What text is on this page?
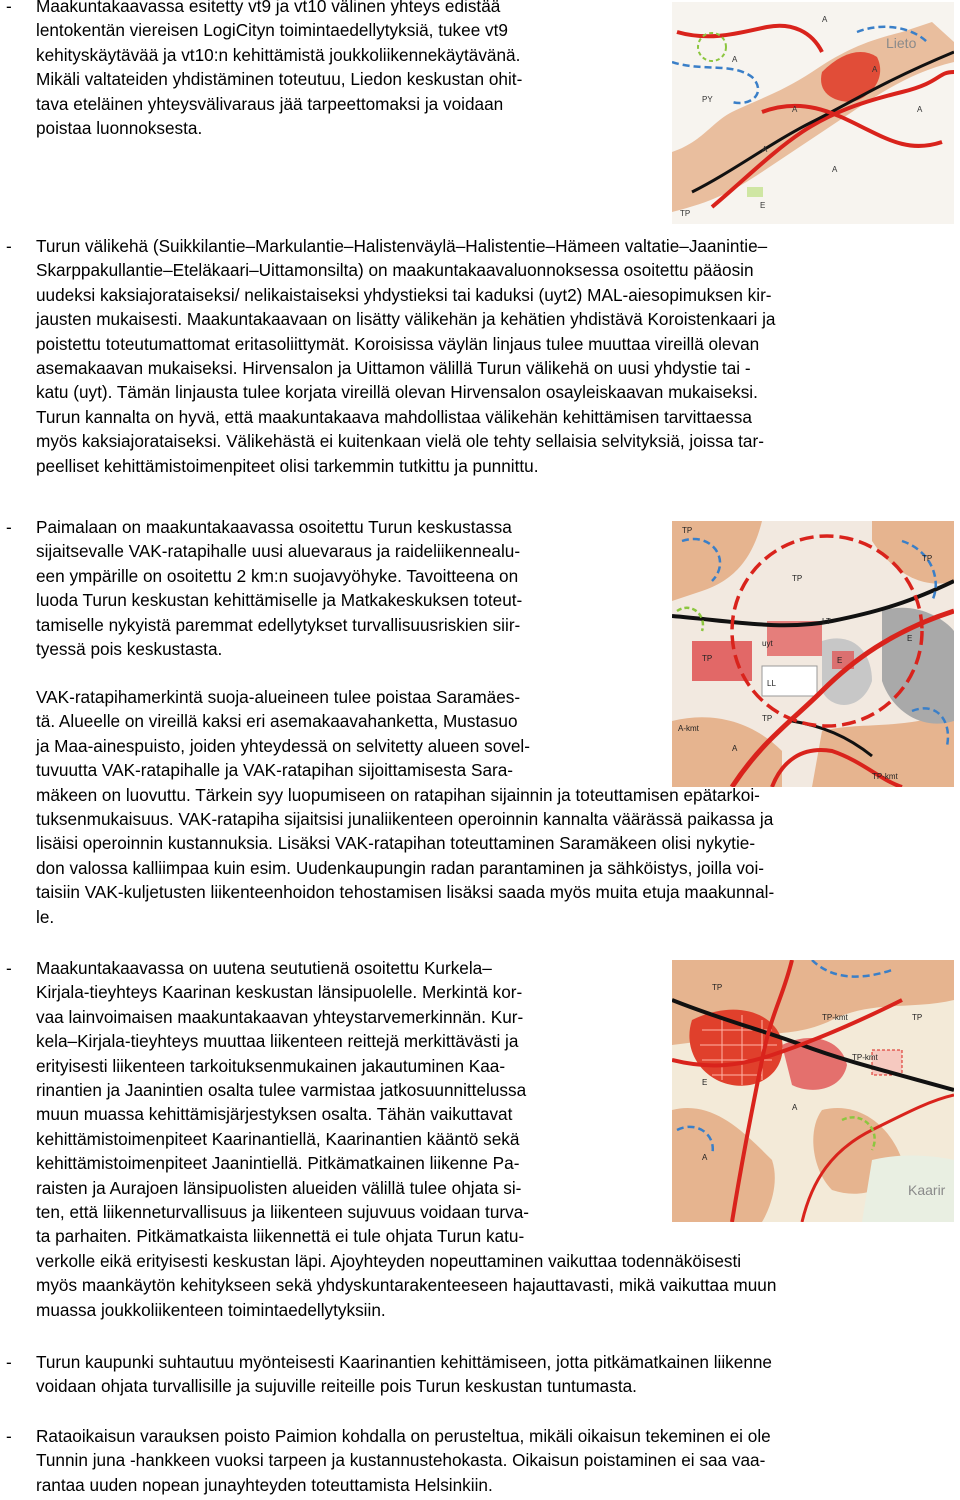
- Maakuntakaavassa esitetty vt9 ja vt10 välinen yhteys edistää
lentokentän viereisen LogiCityn toimintaedellytyksiä, tukee vt9
kehityskäytävää ja vt10:n kehittämistä joukkoliikennekäytävänä.
Mikäli valtateiden yhdistäminen toteutuu, Liedon keskustan ohit-
tava eteläinen yhteysvälivaraus jää tarpeettomaksi ja voidaan
poistaa luonnoksesta.
Lieto
A
A
A
A
A
A
A
TP
E
PY
- Turun välikehä (Suikkilantie–Markulantie–Halistenväylä–Halistentie–Hämeen valtatie–Jaanintie–
Skarppakullantie–Eteläkaari–Uittamonsilta) on maakuntakaavaluonnoksessa osoitettu pääosin
uudeksi kaksiajorataiseksi/ nelikaistaiseksi yhdystieksi tai kaduksi (uyt2) MAL-aiesopimuksen kir-
jausten mukaisesti. Maakuntakaavaan on lisätty välikehän ja kehätien yhdistävä Koroistenkaari ja
poistettu toteutumattomat eritasoliittymät. Koroisissa väylän linjaus tulee muuttaa vireillä olevan
asemakaavan mukaiseksi. Hirvensalon ja Uittamon välillä Turun välikehä on uusi yhdystie tai -
katu (uyt). Tämän linjausta tulee korjata vireillä olevan Hirvensalon osayleiskaavan mukaiseksi.
Turun kannalta on hyvä, että maakuntakaava mahdollistaa välikehän kehittämisen tarvittaessa
myös kaksiajorataiseksi. Välikehästä ei kuitenkaan vielä ole tehty sellaisia selvityksiä, joissa tar-
peelliset kehittämistoimenpiteet olisi tarkemmin tutkittu ja punnittu.
- Paimalaan on maakuntakaavassa osoitettu Turun keskustassa
sijaitsevalle VAK-ratapihalle uusi aluevaraus ja raideliikennealu-
een ympärille on osoitettu 2 km:n suojavyöhyke. Tavoitteena on
luoda Turun keskustan kehittämiselle ja Matkakeskuksen toteut-
tamiselle nykyistä paremmat edellytykset turvallisuusriskien siir-
tyessä pois keskustasta.
TP
TP
TP
LL
LT
uyt
E
E
A-kmt
TP-kmt
A
TP
TP
VAK-ratapihamerkintä suoja-alueineen tulee poistaa Saramäes-
tä. Alueelle on vireillä kaksi eri asemakaavahanketta, Mustasuo
ja Maa-ainespuisto, joiden yhteydessä on selvitetty alueen sovel-
tuvuutta VAK-ratapihalle ja VAK-ratapihan sijoittamisesta Sara-
mäkeen on luovuttu. Tärkein syy luopumiseen on ratapihan sijainnin ja toteuttamisen epätarkoi-
tuksenmukaisuus. VAK-ratapiha sijaitsisi junaliikenteen operoinnin kannalta väärässä paikassa ja
lisäisi operoinnin kustannuksia. Lisäksi VAK-ratapihan toteuttaminen Saramäkeen olisi nykytie-
don valossa kalliimpaa kuin esim. Uudenkaupungin radan parantaminen ja sähköistys, joilla voi-
taisiin VAK-kuljetusten liikenteenhoidon tehostamisen lisäksi saada myös muita etuja maakunnal-
le.
- Maakuntakaavassa on uutena seututienä osoitettu Kurkela–
Kirjala-tieyhteys Kaarinan keskustan länsipuolelle. Merkintä kor-
vaa lainvoimaisen maakuntakaavan yhteystarvemerkinnän. Kur-
kela–Kirjala-tieyhteys muuttaa liikenteen reittejä merkittävästi ja
erityisesti liikenteen tarkoituksenmukainen jakautuminen Kaa-
rinantien ja Jaanintien osalta tulee varmistaa jatkosuunnittelussa
muun muassa kehittämisjärjestyksen osalta. Tähän vaikuttavat
kehittämistoimenpiteet Kaarinantiellä, Kaarinantien kääntö sekä
kehittämistoimenpiteet Jaanintiellä. Pitkämatkainen liikenne Pa-
raisten ja Aurajoen länsipuolisten alueiden välillä tulee ohjata si-
ten, että liikenneturvallisuus ja liikenteen sujuvuus voidaan turva-
ta parhaiten. Pitkämatkaista liikennettä ei tule ohjata Turun katu-
verkolle eikä erityisesti keskustan läpi. Ajoyhteyden nopeuttaminen vaikuttaa todennäköisesti
myös maankäytön kehitykseen sekä yhdyskuntarakenteeseen hajauttavasti, mikä vaikuttaa muun
muassa joukkoliikenteen toimintaedellytyksiin.
Kaarir
TP-kmt
TP-kmt
TP
A
E
TP
A
- Turun kaupunki suhtautuu myönteisesti Kaarinantien kehittämiseen, jotta pitkämatkainen liikenne
voidaan ohjata turvallisille ja sujuville reiteille pois Turun keskustan tuntumasta.
- Rataoikaisun varauksen poisto Paimion kohdalla on perusteltua, mikäli oikaisun tekeminen ei ole
Tunnin juna -hankkeen vuoksi tarpeen ja kustannustehokasta. Oikaisun poistaminen ei saa vaa-
rantaa uuden nopean junayhteyden toteuttamista Helsinkiin.
